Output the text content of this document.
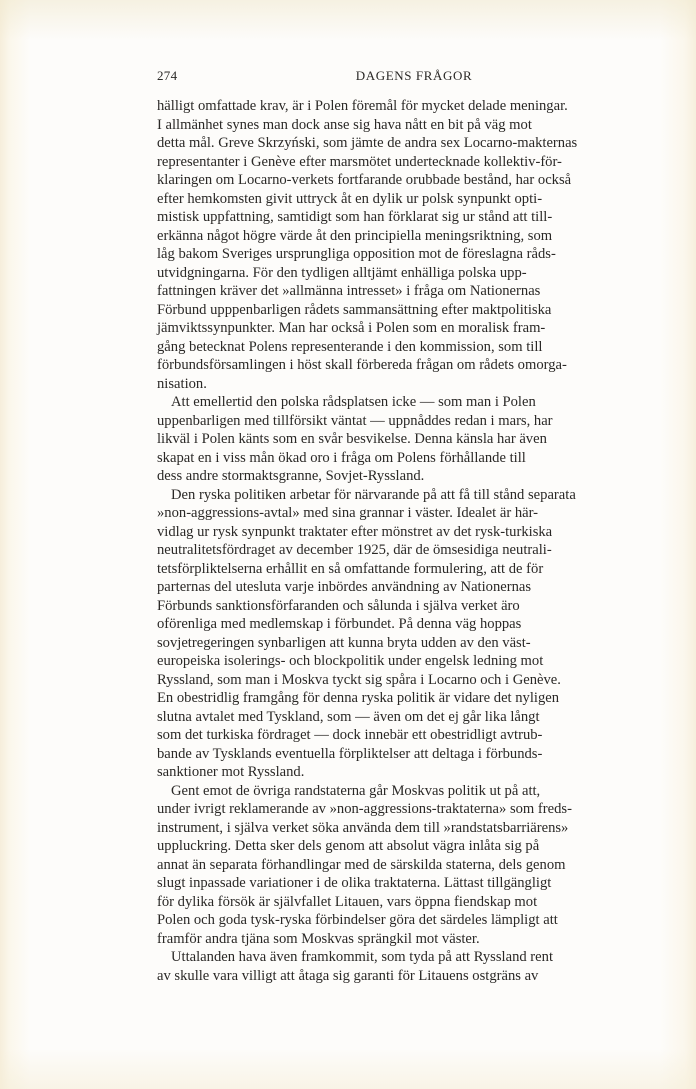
274	DAGENS FRÅGOR
hälligt omfattade krav, är i Polen föremål för mycket delade meningar.
I allmänhet synes man dock anse sig hava nått en bit på väg mot
detta mål. Greve Skrzyński, som jämte de andra sex Locarno-makternas
representanter i Genève efter marsmötet undertecknade kollektiv-för-
klaringen om Locarno-verkets fortfarande orubbade bestånd, har också
efter hemkomsten givit uttryck åt en dylik ur polsk synpunkt opti-
mistisk uppfattning, samtidigt som han förklarat sig ur stånd att till-
erkänna något högre värde åt den principiella meningsriktning, som
låg bakom Sveriges ursprungliga opposition mot de föreslagna råds-
utvidgningarna. För den tydligen alltjämt enhälliga polska upp-
fattningen kräver det »allmänna intresset» i fråga om Nationernas
Förbund upppenbarligen rådets sammansättning efter maktpolitiska
jämviktssynpunkter. Man har också i Polen som en moralisk fram-
gång betecknat Polens representerande i den kommission, som till
förbundsförsamlingen i höst skall förbereda frågan om rådets omorga-
nisation.
Att emellertid den polska rådsplatsen icke — som man i Polen
uppenbarligen med tillförsikt väntat — uppnåddes redan i mars, har
likväl i Polen känts som en svår besvikelse. Denna känsla har även
skapat en i viss mån ökad oro i fråga om Polens förhållande till
dess andre stormaktsgranne, Sovjet-Ryssland.
Den ryska politiken arbetar för närvarande på att få till stånd separata
»non-aggressions-avtal» med sina grannar i väster. Idealet är här-
vidlag ur rysk synpunkt traktater efter mönstret av det rysk-turkiska
neutralitetsfördraget av december 1925, där de ömsesidiga neutrali-
tetsförpliktelserna erhållit en så omfattande formulering, att de för
parternas del utesluta varje inbördes användning av Nationernas
Förbunds sanktionsförfaranden och sålunda i själva verket äro
oförenliga med medlemskap i förbundet. På denna väg hoppas
sovjetregeringen synbarligen att kunna bryta udden av den väst-
europeiska isolerings- och blockpolitik under engelsk ledning mot
Ryssland, som man i Moskva tyckt sig spåra i Locarno och i Genève.
En obestridlig framgång för denna ryska politik är vidare det nyligen
slutna avtalet med Tyskland, som — även om det ej går lika långt
som det turkiska fördraget — dock innebär ett obestridligt avtrub-
bande av Tysklands eventuella förpliktelser att deltaga i förbunds-
sanktioner mot Ryssland.
Gent emot de övriga randstaterna går Moskvas politik ut på att,
under ivrigt reklamerande av »non-aggressions-traktaterna» som freds-
instrument, i själva verket söka använda dem till »randstatsbarriärens»
uppluckring. Detta sker dels genom att absolut vägra inlåta sig på
annat än separata förhandlingar med de särskilda staterna, dels genom
slugt inpassade variationer i de olika traktaterna. Lättast tillgängligt
för dylika försök är självfallet Litauen, vars öppna fiendskap mot
Polen och goda tysk-ryska förbindelser göra det särdeles lämpligt att
framför andra tjäna som Moskvas sprängkil mot väster.
Uttalanden hava även framkommit, som tyda på att Ryssland rent
av skulle vara villigt att åtaga sig garanti för Litauens ostgräns av
